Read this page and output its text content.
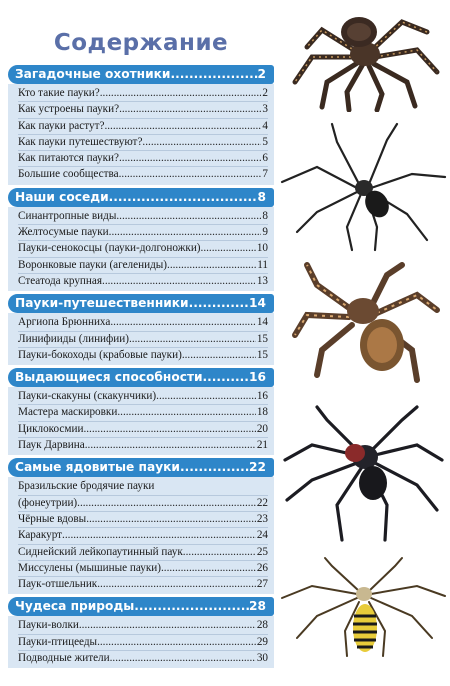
Содержание
Загадочные охотники .....	2
Кто такие пауки? .....	2
Как устроены пауки? .....	3
Как пауки растут? .....	4
Как пауки путешествуют? .....	5
Как питаются пауки? .....	6
Большие сообщества .....	7
Наши соседи .....	8
Синантропные виды .....	8
Желтосумые пауки .....	9
Пауки-сенокосцы (пауки-долгоножки) .....	10
Воронковые пауки (агелениды) .....	11
Стеатода крупная .....	13
Пауки-путешественники .....	14
Аргиопа Брюнниха .....	14
Линифииды (линифии) .....	15
Пауки-бокоходы (крабовые пауки) .....	15
Выдающиеся способности .....	16
Пауки-скакуны (скакунчики) .....	16
Мастера маскировки .....	18
Циклокосмии .....	20
Паук Дарвина .....	21
Самые ядовитые пауки .....	22
Бразильские бродячие пауки
(фонеутрии) .....	22
Чёрные вдовы .....	23
Каракурт .....	24
Сиднейский лейкопаутинный паук .....	25
Миссулены (мышиные пауки) .....	26
Паук-отшельник .....	27
Чудеса природы .....	28
Пауки-волки .....	28
Пауки-птицееды .....	29
Подводные жители .....	30
